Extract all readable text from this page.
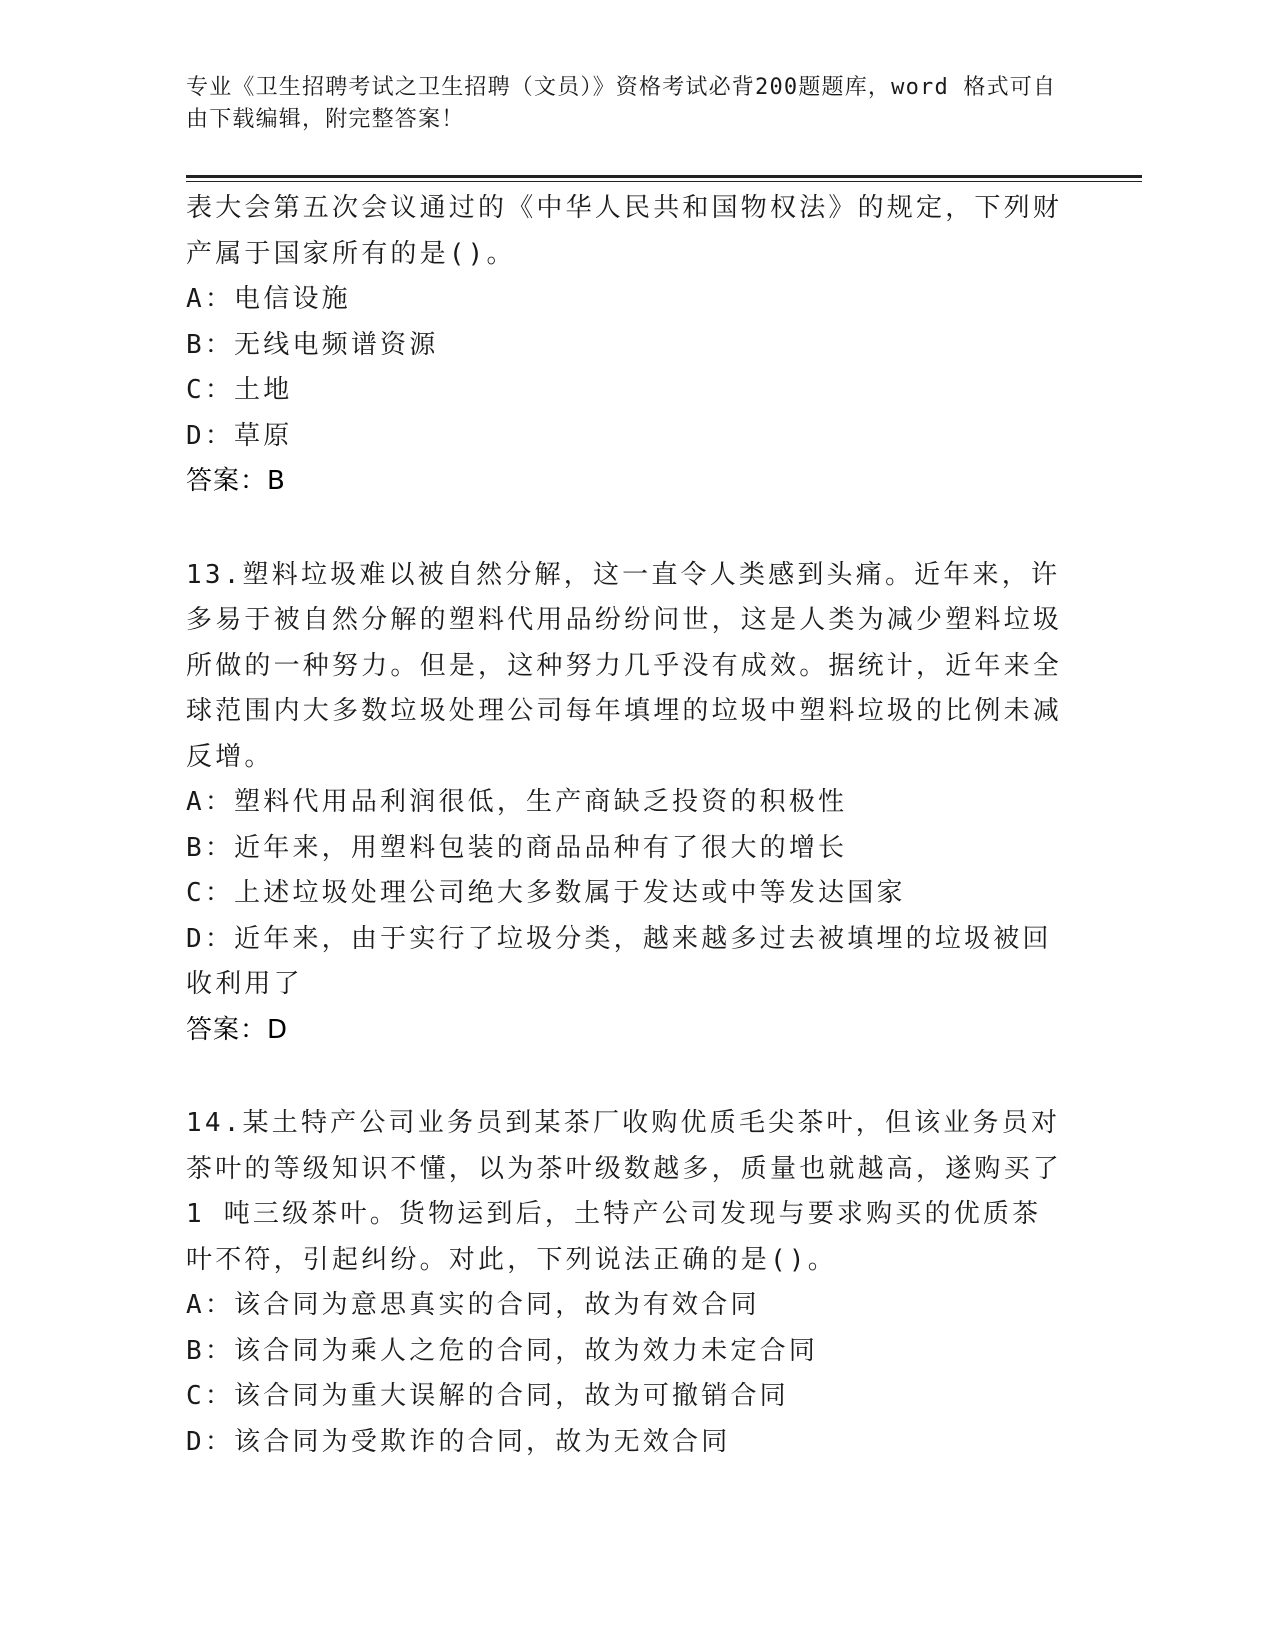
专业《卫生招聘考试之卫生招聘（文员）》资格考试必背200题题库，word 格式可自由下载编辑，附完整答案！
表大会第五次会议通过的《中华人民共和国物权法》的规定，下列财产属于国家所有的是()。
A：电信设施
B：无线电频谱资源
C：土地
D：草原
答案：B
13.塑料垃圾难以被自然分解，这一直令人类感到头痛。近年来，许多易于被自然分解的塑料代用品纷纷问世，这是人类为减少塑料垃圾所做的一种努力。但是，这种努力几乎没有成效。据统计，近年来全球范围内大多数垃圾处理公司每年填埋的垃圾中塑料垃圾的比例未减反增。
A：塑料代用品利润很低，生产商缺乏投资的积极性
B：近年来，用塑料包装的商品品种有了很大的增长
C：上述垃圾处理公司绝大多数属于发达或中等发达国家
D：近年来，由于实行了垃圾分类，越来越多过去被填埋的垃圾被回收利用了
答案：D
14.某土特产公司业务员到某茶厂收购优质毛尖茶叶，但该业务员对茶叶的等级知识不懂，以为茶叶级数越多，质量也就越高，遂购买了 1 吨三级茶叶。货物运到后，土特产公司发现与要求购买的优质茶叶不符，引起纠纷。对此，下列说法正确的是()。
A：该合同为意思真实的合同，故为有效合同
B：该合同为乘人之危的合同，故为效力未定合同
C：该合同为重大误解的合同，故为可撤销合同
D：该合同为受欺诈的合同，故为无效合同
